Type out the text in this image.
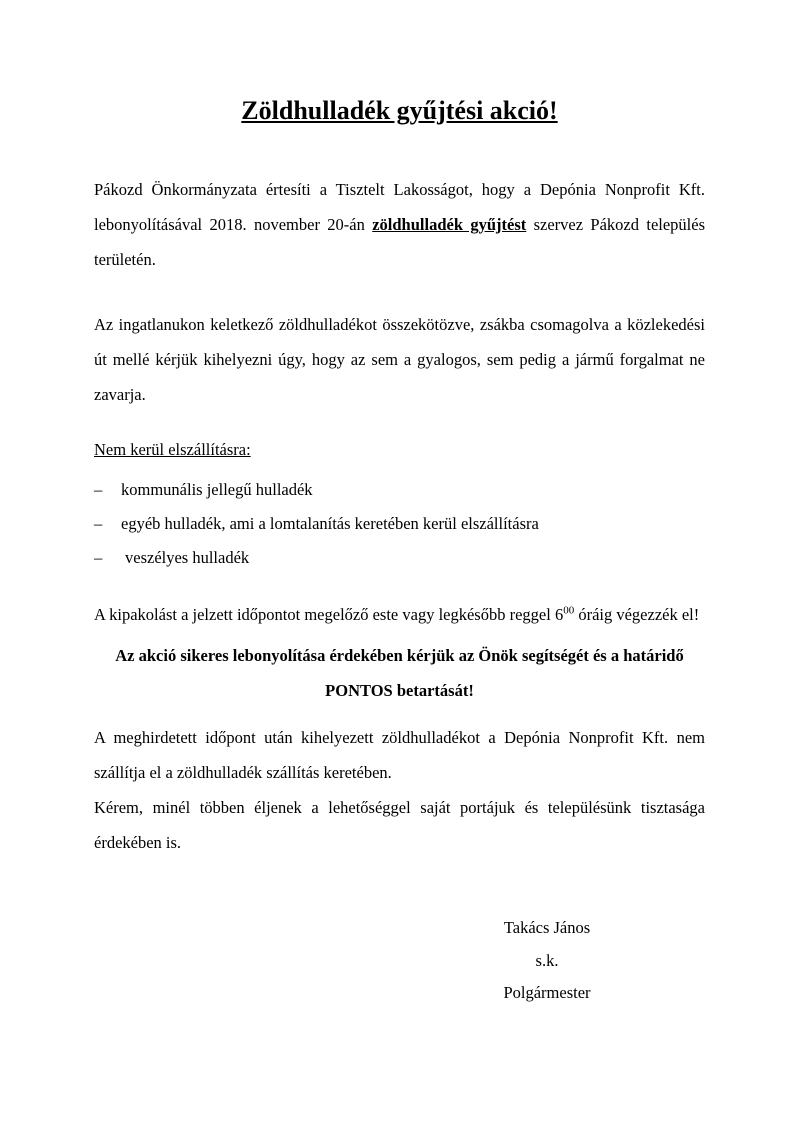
Zöldhulladék gyűjtési akció!

Pákozd Önkormányzata értesíti a Tisztelt Lakosságot, hogy a Depónia Nonprofit Kft. lebonyolításával 2018. november 20-án zöldhulladék gyűjtést szervez Pákozd település területén.

Az ingatlanukon keletkező zöldhulladékot összekötözve, zsákba csomagolva a közlekedési út mellé kérjük kihelyezni úgy, hogy az sem a gyalogos, sem pedig a jármű forgalmat ne zavarja.

Nem kerül elszállításra:

–	kommunális jellegű hulladék
–	egyéb hulladék, ami a lomtalanítás keretében kerül elszállításra
–	veszélyes hulladék

A kipakolást a jelzett időpontot megelőző este vagy legkésőbb reggel $6^{00}$ óráig végezzék el!

Az akció sikeres lebonyolítása érdekében kérjük az Önök segítségét és a határidő PONTOS betartását!

A meghirdetett időpont után kihelyezett zöldhulladékot a Depónia Nonprofit Kft. nem szállítja el a zöldhulladék szállítás keretében.
Kérem, minél többen éljenek a lehetőséggel saját portájuk és településünk tisztasága érdekében is.

Takács János
s.k.
Polgármester
